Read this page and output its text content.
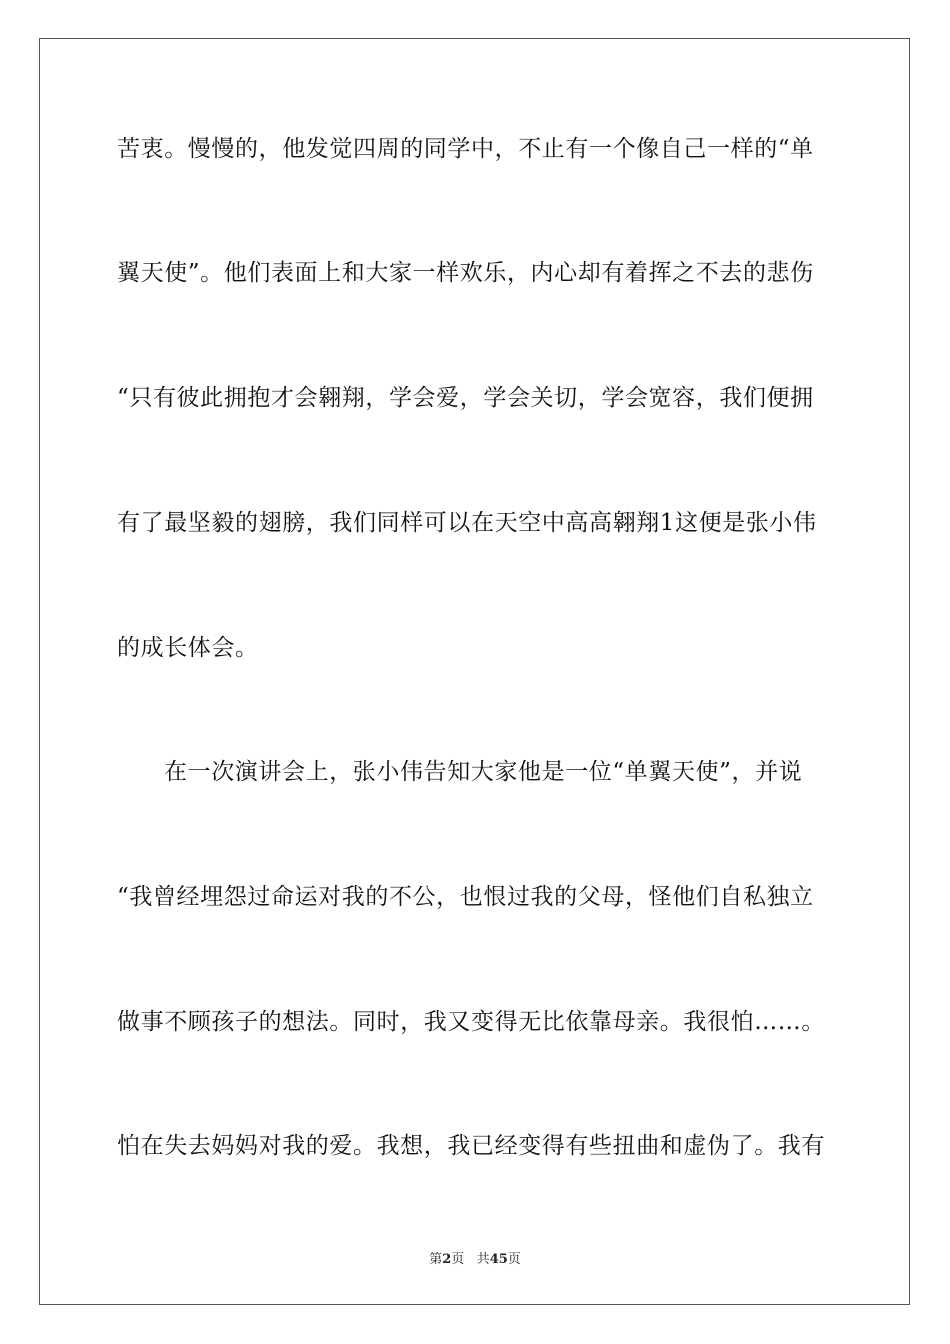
苦衷。慢慢的，他发觉四周的同学中，不止有一个像自己一样的“单
翼天使”。他们表面上和大家一样欢乐，内心却有着挥之不去的悲伤
“只有彼此拥抱才会翱翔，学会爱，学会关切，学会宽容，我们便拥
有了最坚毅的翅膀，我们同样可以在天空中高高翱翔1这便是张小伟
的成长体会。
在一次演讲会上，张小伟告知大家他是一位“单翼天使”，并说
“我曾经埋怨过命运对我的不公，也恨过我的父母，怪他们自私独立
做事不顾孩子的想法。同时，我又变得无比依靠母亲。我很怕……。
怕在失去妈妈对我的爱。我想，我已经变得有些扭曲和虚伪了。我有
第2页 共45页
